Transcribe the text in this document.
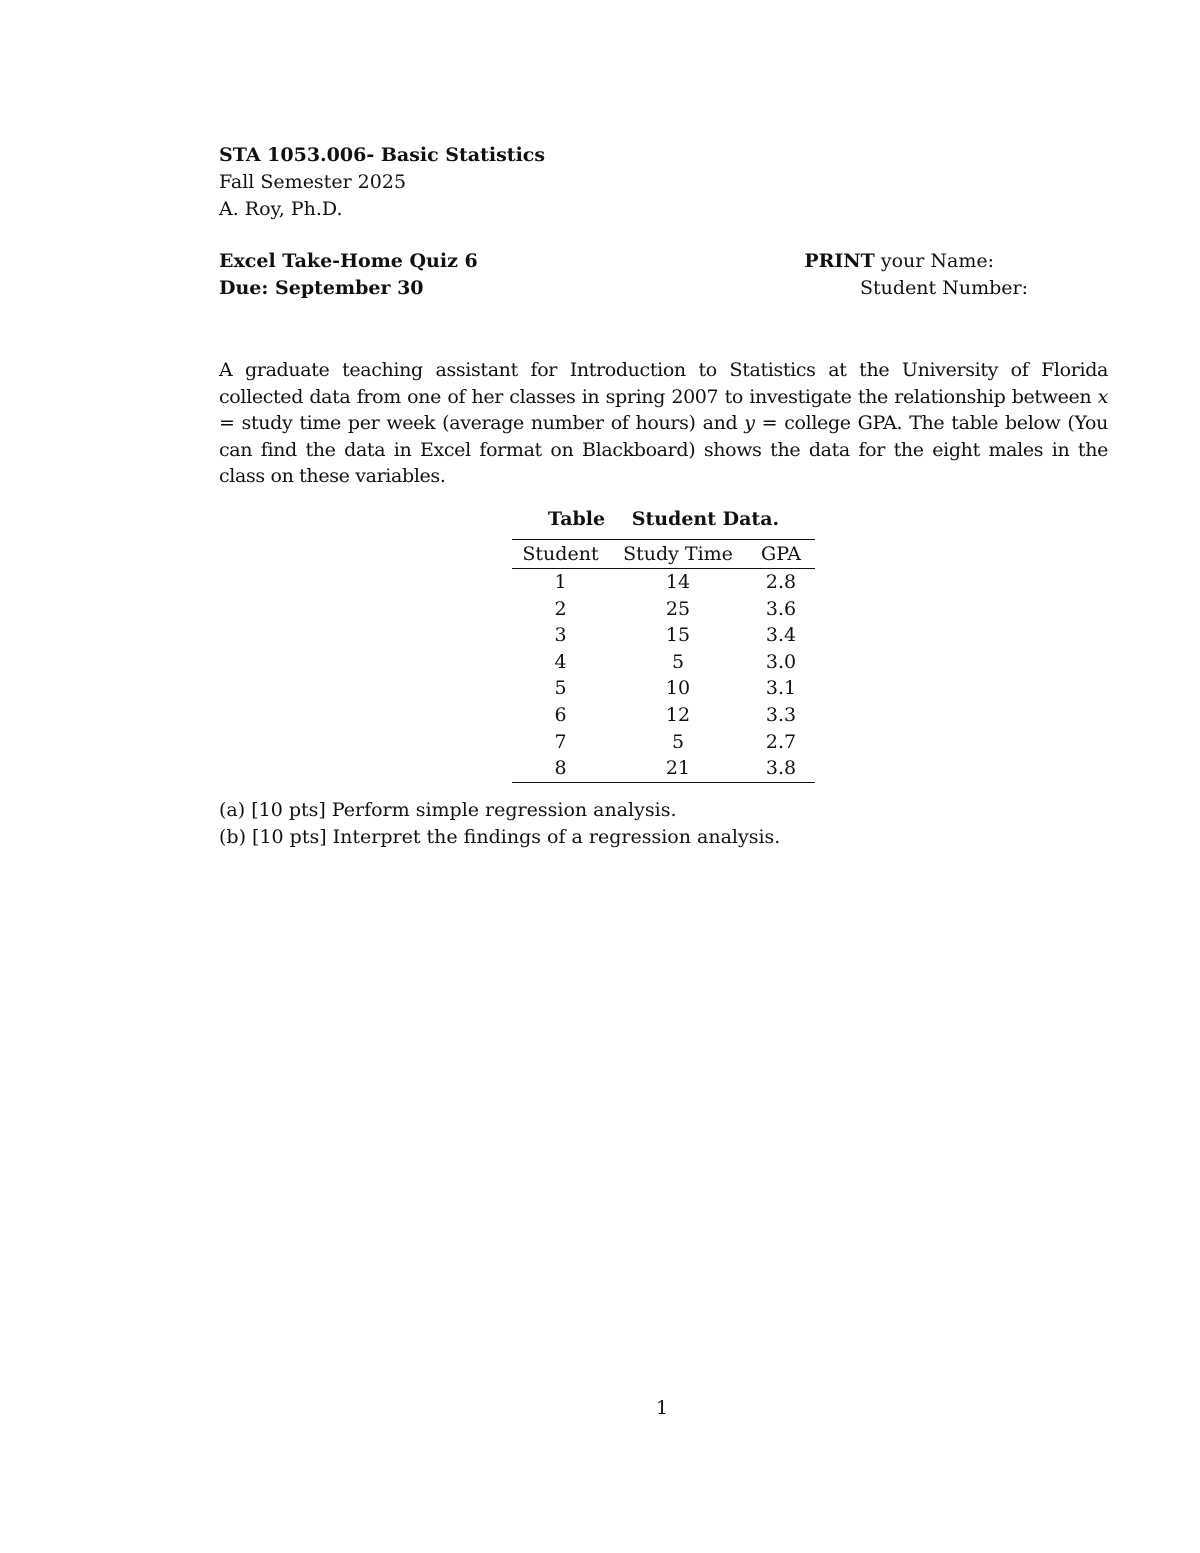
STA 1053.006- Basic Statistics
Fall Semester 2025
A. Roy, Ph.D.
Excel Take-Home Quiz 6	PRINT your Name:
Due: September 30	Student Number:
A graduate teaching assistant for Introduction to Statistics at the University of Florida collected data from one of her classes in spring 2007 to investigate the relationship between x = study time per week (average number of hours) and y = college GPA. The table below (You can find the data in Excel format on Blackboard) shows the data for the eight males in the class on these variables.
Table Student Data.
Student	Study Time	GPA
1	14	2.8
2	25	3.6
3	15	3.4
4	5	3.0
5	10	3.1
6	12	3.3
7	5	2.7
8	21	3.8
(a) [10 pts] Perform simple regression analysis.
(b) [10 pts] Interpret the findings of a regression analysis.
1
